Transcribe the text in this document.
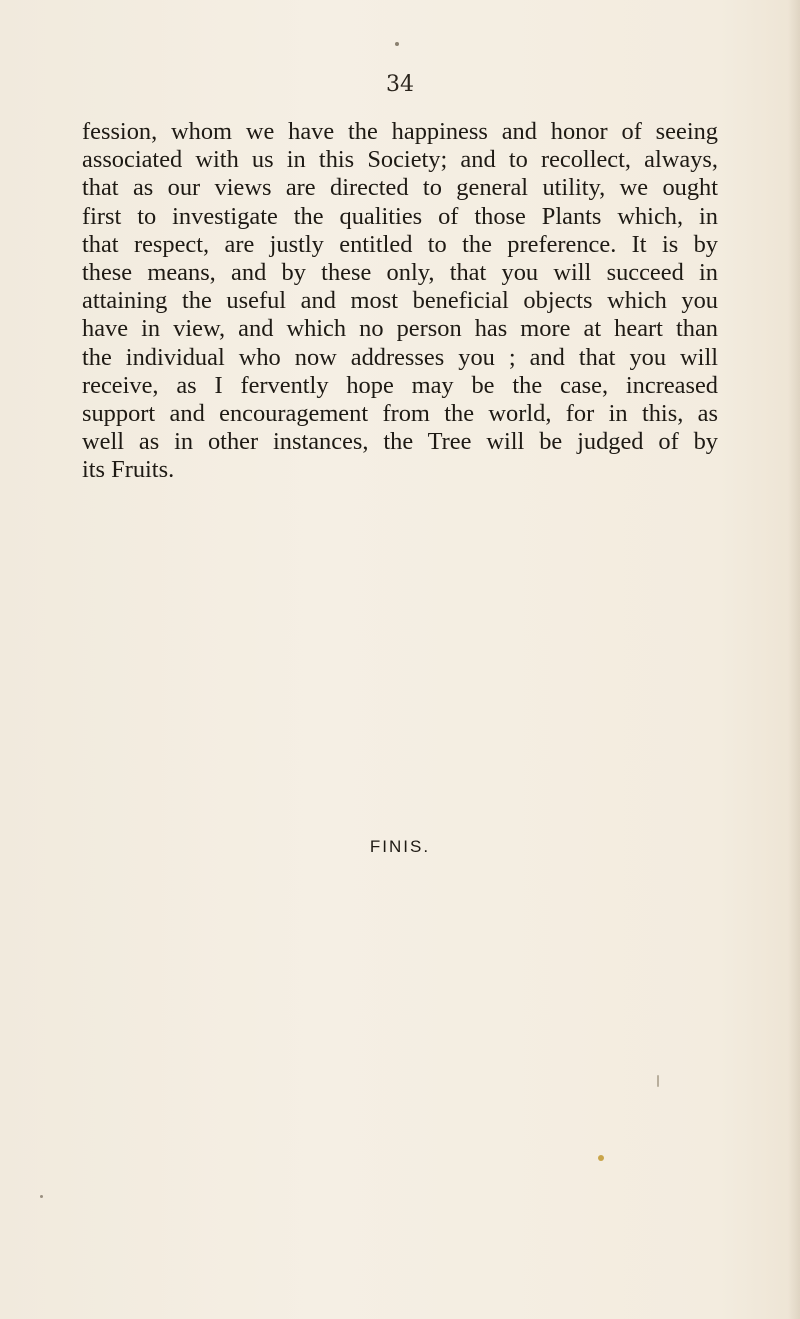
34

fession, whom we have the happiness and honor of seeing
associated with us in this Society; and to recollect, always,
that as our views are directed to general utility, we ought
first to investigate the qualities of those Plants which, in
that respect, are justly entitled to the preference. It is by
these means, and by these only, that you will succeed in
attaining the useful and most beneficial objects which you
have in view, and which no person has more at heart than
the individual who now addresses you ; and that you will
receive, as I fervently hope may be the case, increased
support and encouragement from the world, for in this, as
well as in other instances, the Tree will be judged of by
its Fruits.

FINIS.
